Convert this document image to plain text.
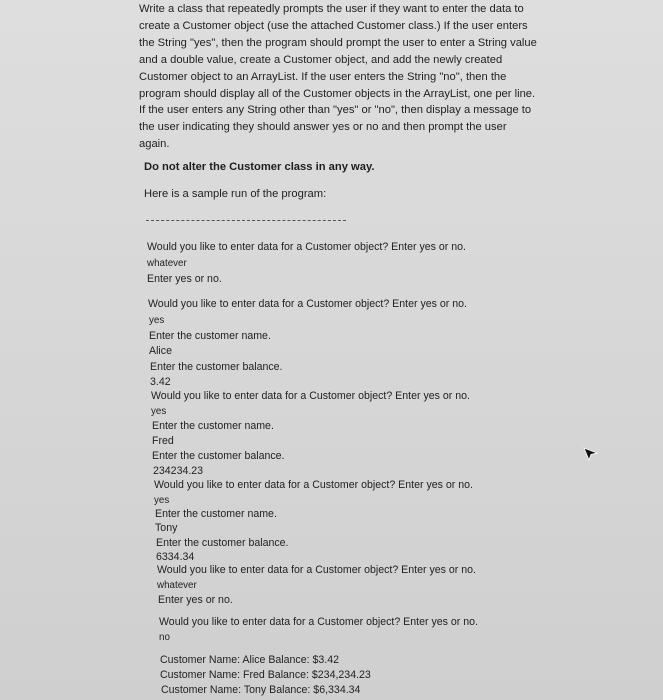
Write a class that repeatedly prompts the user if they want to enter the data to create a Customer object (use the attached Customer class.) If the user enters the String "yes", then the program should prompt the user to enter a String value and a double value, create a Customer object, and add the newly created Customer object to an ArrayList. If the user enters the String "no", then the program should display all of the Customer objects in the ArrayList, one per line. If the user enters any String other than "yes" or "no", then display a message to the user indicating they should answer yes or no and then prompt the user again.
Do not alter the Customer class in any way.
Here is a sample run of the program:
Would you like to enter data for a Customer object? Enter yes or no.
whatever
Enter yes or no.
Would you like to enter data for a Customer object? Enter yes or no.
yes
Enter the customer name.
Alice
Enter the customer balance.
3.42
Would you like to enter data for a Customer object? Enter yes or no.
yes
Enter the customer name.
Fred
Enter the customer balance.
234234.23
Would you like to enter data for a Customer object? Enter yes or no.
yes
Enter the customer name.
Tony
Enter the customer balance.
6334.34
Would you like to enter data for a Customer object? Enter yes or no.
whatever
Enter yes or no.
Would you like to enter data for a Customer object? Enter yes or no.
no
Customer Name: Alice Balance: $3.42
Customer Name: Fred Balance: $234,234.23
Customer Name: Tony Balance: $6,334.34
